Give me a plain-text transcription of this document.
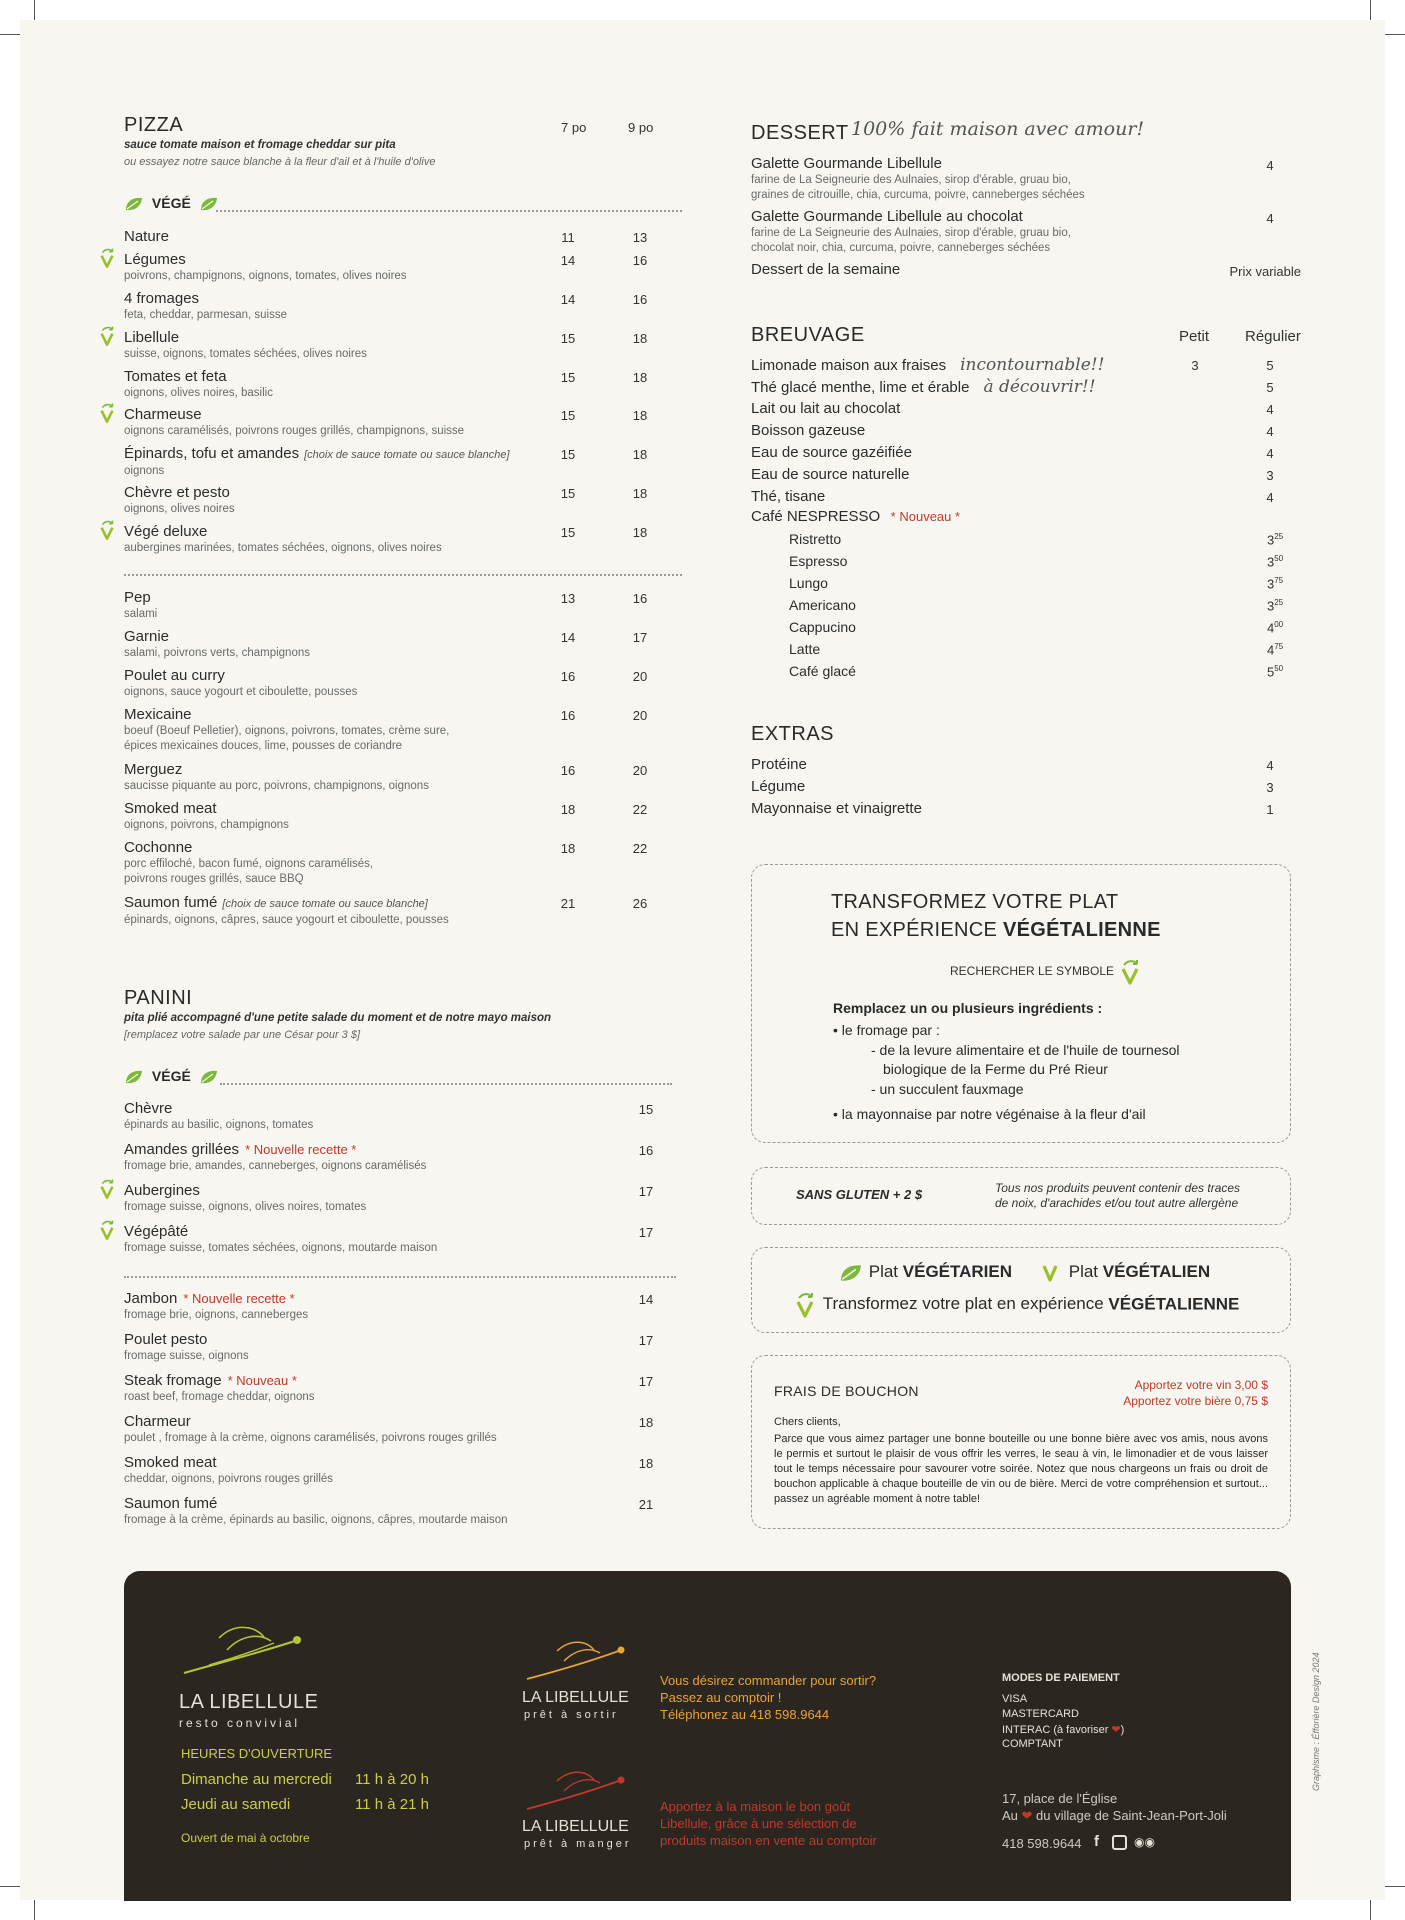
PIZZA
sauce tomate maison et fromage cheddar sur pita
ou essayez notre sauce blanche à la fleur d'ail et à l'huile d'olive
7 po	9 po
VÉGÉ
Nature	11	13
Légumes
poivrons, champignons, oignons, tomates, olives noires
14	16
4 fromages
feta, cheddar, parmesan, suisse
14	16
Libellule
suisse, oignons, tomates séchées, olives noires
15	18
Tomates et feta
oignons, olives noires, basilic
15	18
Charmeuse
oignons caramélisés, poivrons rouges grillés, champignons, suisse
15	18
Épinards, tofu et amandes [choix de sauce tomate ou sauce blanche]
oignons
15	18
Chèvre et pesto
oignons, olives noires
15	18
Végé deluxe
aubergines marinées, tomates séchées, oignons, olives noires
15	18
Pep
salami
13	16
Garnie
salami, poivrons verts, champignons
14	17
Poulet au curry
oignons, sauce yogourt et ciboulette, pousses
16	20
Mexicaine
boeuf (Boeuf Pelletier), oignons, poivrons, tomates, crème sure,
épices mexicaines douces, lime, pousses de coriandre
16	20
Merguez
saucisse piquante au porc, poivrons, champignons, oignons
16	20
Smoked meat
oignons, poivrons, champignons
18	22
Cochonne
porc effiloché, bacon fumé, oignons caramélisés,
poivrons rouges grillés, sauce BBQ
18	22
Saumon fumé [choix de sauce tomate ou sauce blanche]
épinards, oignons, câpres, sauce yogourt et ciboulette, pousses
21	26
PANINI
pita plié accompagné d'une petite salade du moment et de notre mayo maison
[remplacez votre salade par une César pour 3 $]
VÉGÉ
Chèvre
épinards au basilic, oignons, tomates
15
Amandes grillées * Nouvelle recette *
fromage brie, amandes, canneberges, oignons caramélisés
16
Aubergines
fromage suisse, oignons, olives noires, tomates
17
Végépâté
fromage suisse, tomates séchées, oignons, moutarde maison
17
Jambon * Nouvelle recette *
fromage brie, oignons, canneberges
14
Poulet pesto
fromage suisse, oignons
17
Steak fromage * Nouveau *
roast beef, fromage cheddar, oignons
17
Charmeur
poulet , fromage à la crème, oignons caramélisés, poivrons rouges grillés
18
Smoked meat
cheddar, oignons, poivrons rouges grillés
18
Saumon fumé
fromage à la crème, épinards au basilic, oignons, câpres, moutarde maison
21
DESSERT 100% fait maison avec amour!
Galette Gourmande Libellule
farine de La Seigneurie des Aulnaies, sirop d'érable, gruau bio,
graines de citrouille, chia, curcuma, poivre, canneberges séchées
4
Galette Gourmande Libellule au chocolat
farine de La Seigneurie des Aulnaies, sirop d'érable, gruau bio,
chocolat noir, chia, curcuma, poivre, canneberges séchées
4
Dessert de la semaine	Prix variable
BREUVAGE	Petit Régulier
Limonade maison aux fraises incontournable!!	3	5
Thé glacé menthe, lime et érable à découvrir!!	5
Lait ou lait au chocolat	4
Boisson gazeuse	4
Eau de source gazéifiée	4
Eau de source naturelle	3
Thé, tisane	4
Café NESPRESSO * Nouveau *
Ristretto	$3^{25}$
Espresso	$3^{50}$
Lungo	$3^{75}$
Americano	$3^{25}$
Cappucino	$4^{00}$
Latte	$4^{75}$
Café glacé	$5^{50}$
EXTRAS
Protéine	4
Légume	3
Mayonnaise et vinaigrette	1
TRANSFORMEZ VOTRE PLAT
EN EXPÉRIENCE VÉGÉTALIENNE
RECHERCHER LE SYMBOLE
Remplacez un ou plusieurs ingrédients :
• le fromage par :
- de la levure alimentaire et de l'huile de tournesol
biologique de la Ferme du Pré Rieur
- un succulent fauxmage
• la mayonnaise par notre végénaise à la fleur d'ail
SANS GLUTEN + 2 $	Tous nos produits peuvent contenir des traces
de noix, d'arachides et/ou tout autre allergène
Plat VÉGÉTARIEN	Plat VÉGÉTALIEN
Transformez votre plat en expérience VÉGÉTALIENNE
FRAIS DE BOUCHON	Apportez votre vin 3,00 $
Apportez votre bière 0,75 $
Chers clients,
Parce que vous aimez partager une bonne bouteille ou une bonne bière avec vos amis, nous avons le permis et surtout le plaisir de vous offrir les verres, le seau à vin, le limonadier et de vous laisser tout le temps nécessaire pour savourer votre soirée. Notez que nous chargeons un frais ou droit de bouchon applicable à chaque bouteille de vin ou de bière. Merci de votre compréhension et surtout... passez un agréable moment à notre table!
LA LIBELLULE
resto convivial
HEURES D'OUVERTURE
Dimanche au mercredi 11 h à 20 h
Jeudi au samedi	11 h à 21 h
Ouvert de mai à octobre
LA LIBELLULE
prêt à sortir
Vous désirez commander pour sortir?
Passez au comptoir !
Téléphonez au 418 598.9644
LA LIBELLULE
prêt à manger
Apportez à la maison le bon goût
Libellule, grâce à une sélection de
produits maison en vente au comptoir
MODES DE PAIEMENT
VISA
MASTERCARD
INTERAC (à favoriser ❤)
COMPTANT
17, place de l'Église
Au ❤ du village de Saint-Jean-Port-Joli
418 598.9644 f	◉◉
Graphisme : Éfforière Design 2024
